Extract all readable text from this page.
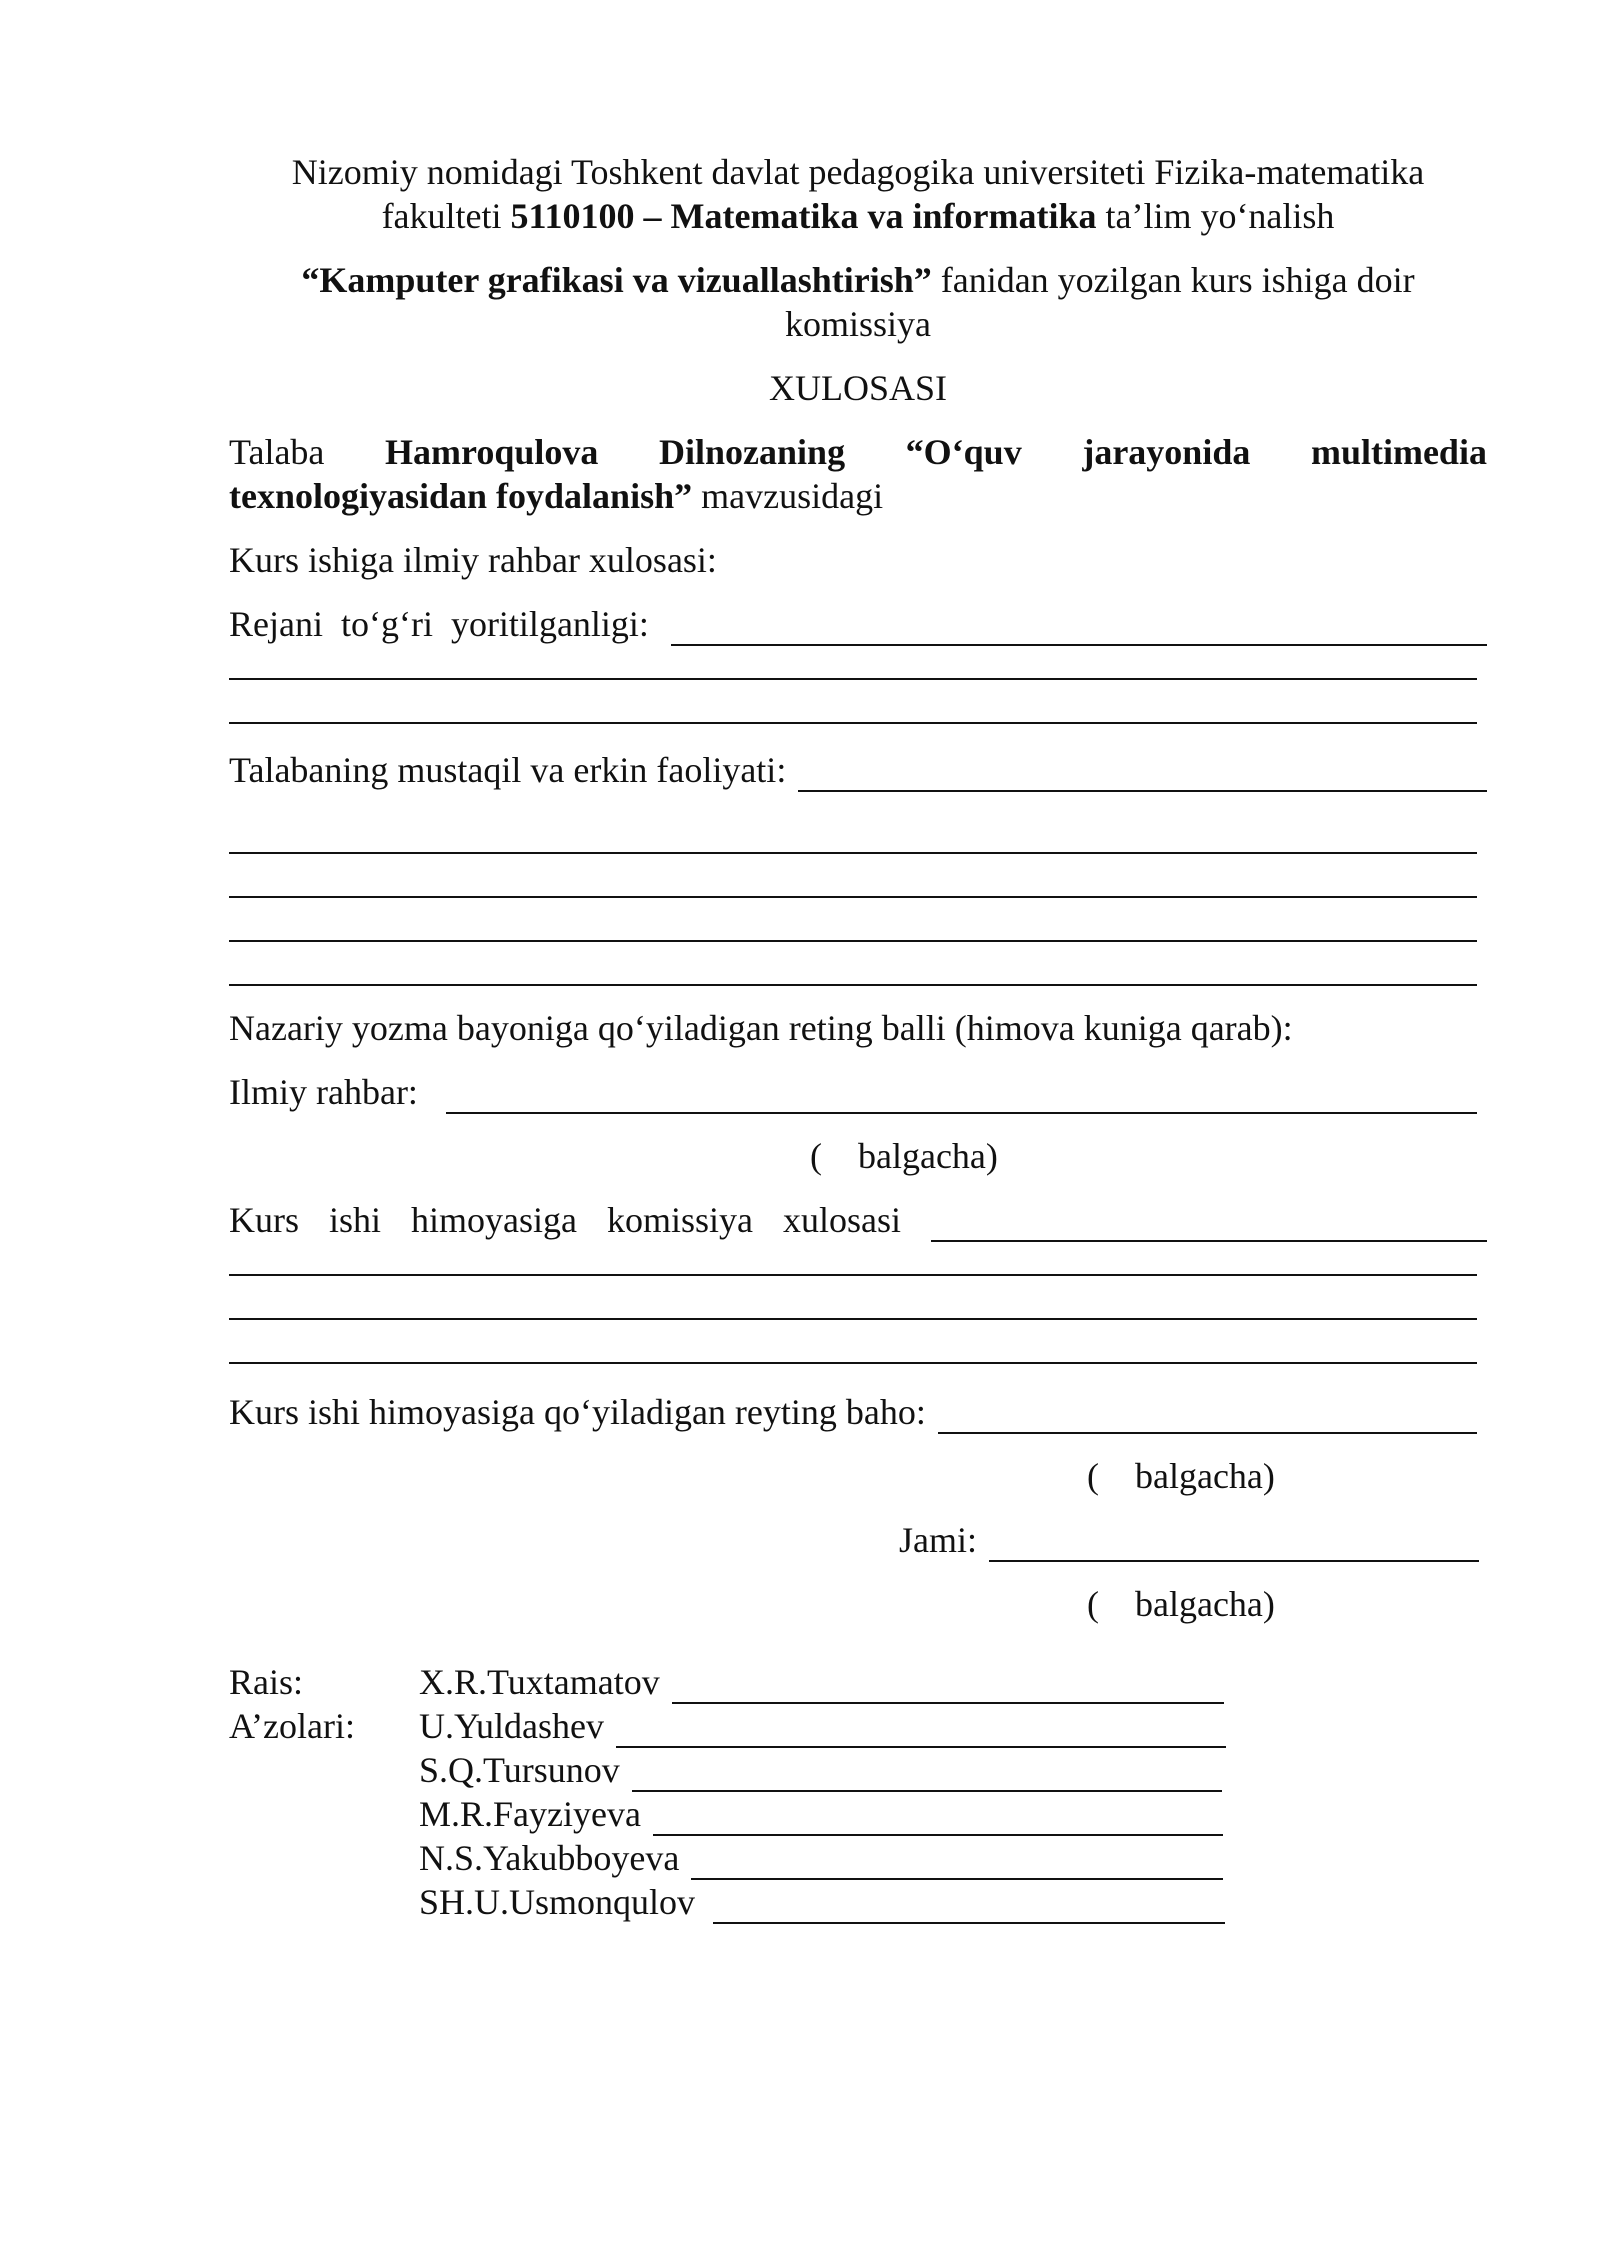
Nizomiy nomidagi Toshkent davlat pedagogika universiteti Fizika-matematika
fakulteti 5110100 – Matematika va informatika ta’lim yo‘nalish

“Kamputer grafikasi va vizuallashtirish” fanidan yozilgan kurs ishiga doir
komissiya

XULOSASI

Talaba Hamroqulova Dilnozaning “O‘quv jarayonida multimedia
texnologiyasidan foydalanish” mavzusidagi

Kurs ishiga ilmiy rahbar xulosasi:

Rejani  to‘g‘ri  yoritilganligi:
Talabaning mustaqil va erkin faoliyati:

Nazariy yozma bayoniga qo‘yiladigan reting balli (himova kuniga qarab):

Ilmiy rahbar:
(    balgacha)
Kurs ishi himoyasiga komissiya xulosasi
Kurs ishi himoyasiga qo‘yiladigan reyting baho:
(    balgacha)
Jami:
(    balgacha)
Rais:
A’zolari:
X.R.Tuxtamatov
U.Yuldashev
S.Q.Tursunov
M.R.Fayziyeva
N.S.Yakubboyeva
SH.U.Usmonqulov
